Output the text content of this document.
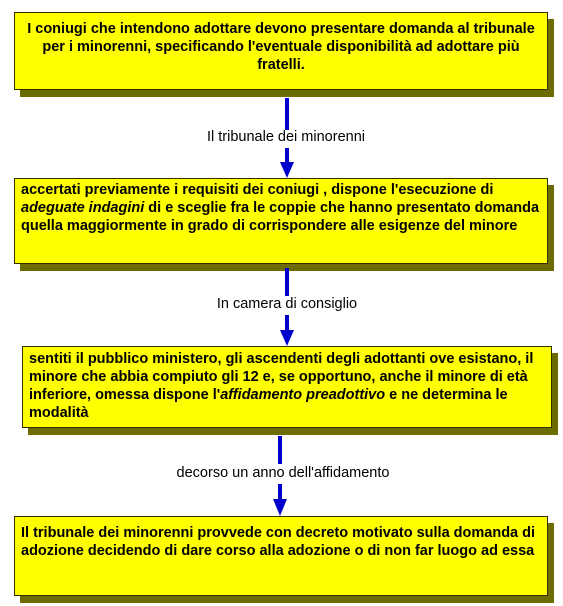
I coniugi che intendono adottare devono presentare domanda al tribunale per i minorenni, specificando l'eventuale disponibilità ad adottare più fratelli.
Il tribunale dei minorenni
accertati previamente i requisiti dei coniugi , dispone l'esecuzione di adeguate indagini di e sceglie fra le coppie che hanno presentato domanda quella maggiormente in grado di corrispondere alle esigenze del minore
In camera di consiglio
sentiti il pubblico ministero, gli ascendenti degli adottanti ove esistano, il minore che abbia compiuto gli 12 e, se opportuno, anche il minore di età inferiore, omessa dispone l'affidamento preadottivo e ne determina le modalità
decorso un anno dell'affidamento
Il tribunale dei minorenni provvede con decreto motivato sulla domanda di adozione decidendo di dare corso alla adozione o di non far luogo ad essa
